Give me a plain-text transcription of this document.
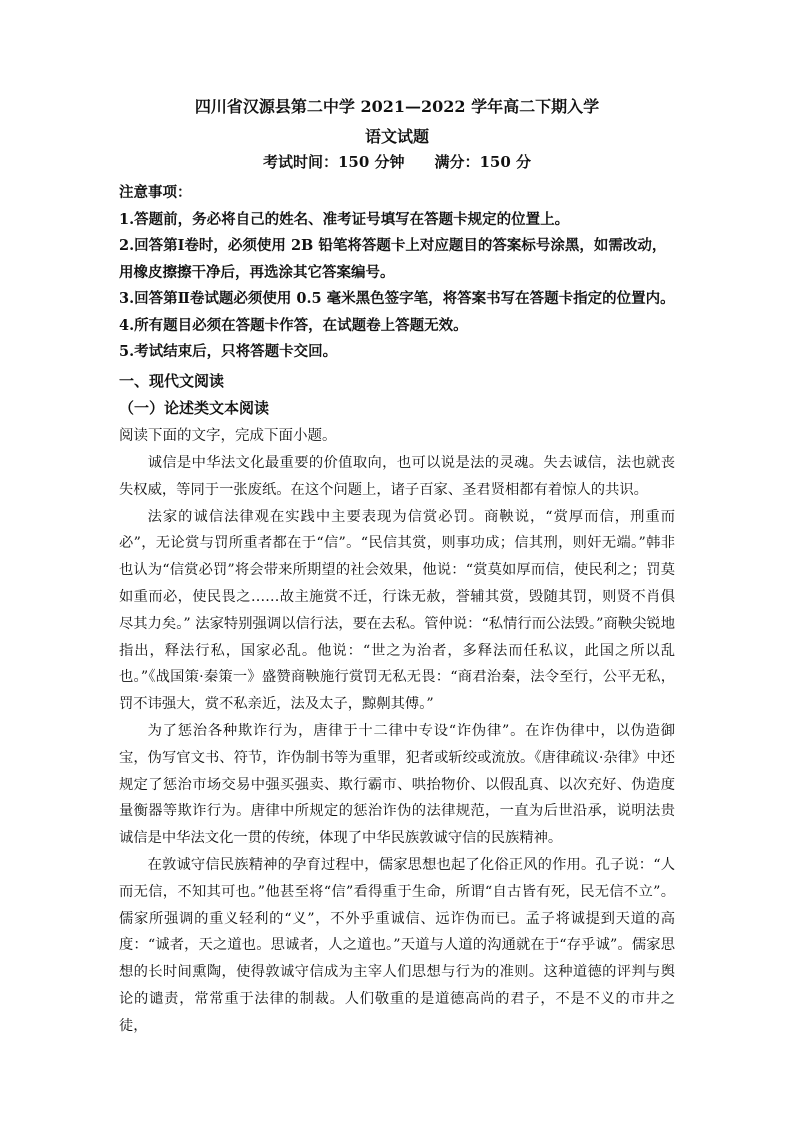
四川省汉源县第二中学 2021—2022 学年高二下期入学
语文试题
考试时间：150 分钟 满分：150 分

注意事项：

1.答题前，务必将自己的姓名、准考证号填写在答题卡规定的位置上。

2.回答第Ⅰ卷时，必须使用 2B 铅笔将答题卡上对应题目的答案标号涂黑，如需改动，用橡皮擦擦干净后，再选涂其它答案编号。

3.回答第Ⅱ卷试题必须使用 0.5 毫米黑色签字笔，将答案书写在答题卡指定的位置内。

4.所有题目必须在答题卡作答，在试题卷上答题无效。

5.考试结束后，只将答题卡交回。

一、现代文阅读
（一）论述类文本阅读
阅读下面的文字，完成下面小题。

诚信是中华法文化最重要的价值取向，也可以说是法的灵魂。失去诚信，法也就丧失权威，等同于一张废纸。在这个问题上，诸子百家、圣君贤相都有着惊人的共识。

法家的诚信法律观在实践中主要表现为信赏必罚。商鞅说，“赏厚而信，刑重而必”，无论赏与罚所重者都在于“信”。“民信其赏，则事功成；信其刑，则奸无端。”韩非也认为“信赏必罚”将会带来所期望的社会效果，他说：“赏莫如厚而信，使民利之；罚莫如重而必，使民畏之……故主施赏不迁，行诛无赦，誉辅其赏，毁随其罚，则贤不肖俱尽其力矣。” 法家特别强调以信行法，要在去私。管仲说：“私情行而公法毁。”商鞅尖锐地指出，释法行私，国家必乱。他说：“世之为治者，多释法而任私议，此国之所以乱也。”《战国策·秦策一》盛赞商鞅施行赏罚无私无畏：“商君治秦，法令至行，公平无私，罚不讳强大，赏不私亲近，法及太子，黥劓其傅。”

为了惩治各种欺诈行为，唐律于十二律中专设“诈伪律”。在诈伪律中，以伪造御宝，伪写官文书、符节，诈伪制书等为重罪，犯者或斩绞或流放。《唐律疏议·杂律》中还规定了惩治市场交易中强买强卖、欺行霸市、哄抬物价、以假乱真、以次充好、伪造度量衡器等欺诈行为。唐律中所规定的惩治诈伪的法律规范，一直为后世沿承，说明法贵诚信是中华法文化一贯的传统，体现了中华民族敦诚守信的民族精神。

在敦诚守信民族精神的孕育过程中，儒家思想也起了化俗正风的作用。孔子说：“人而无信，不知其可也。”他甚至将“信”看得重于生命，所谓“自古皆有死，民无信不立”。儒家所强调的重义轻利的“义”，不外乎重诚信、远诈伪而已。孟子将诚提到天道的高度：“诚者，天之道也。思诚者，人之道也。”天道与人道的沟通就在于“存乎诚”。儒家思想的长时间熏陶，使得敦诚守信成为主宰人们思想与行为的准则。这种道德的评判与舆论的谴责，常常重于法律的制裁。人们敬重的是道德高尚的君子，不是不义的市井之徒，
